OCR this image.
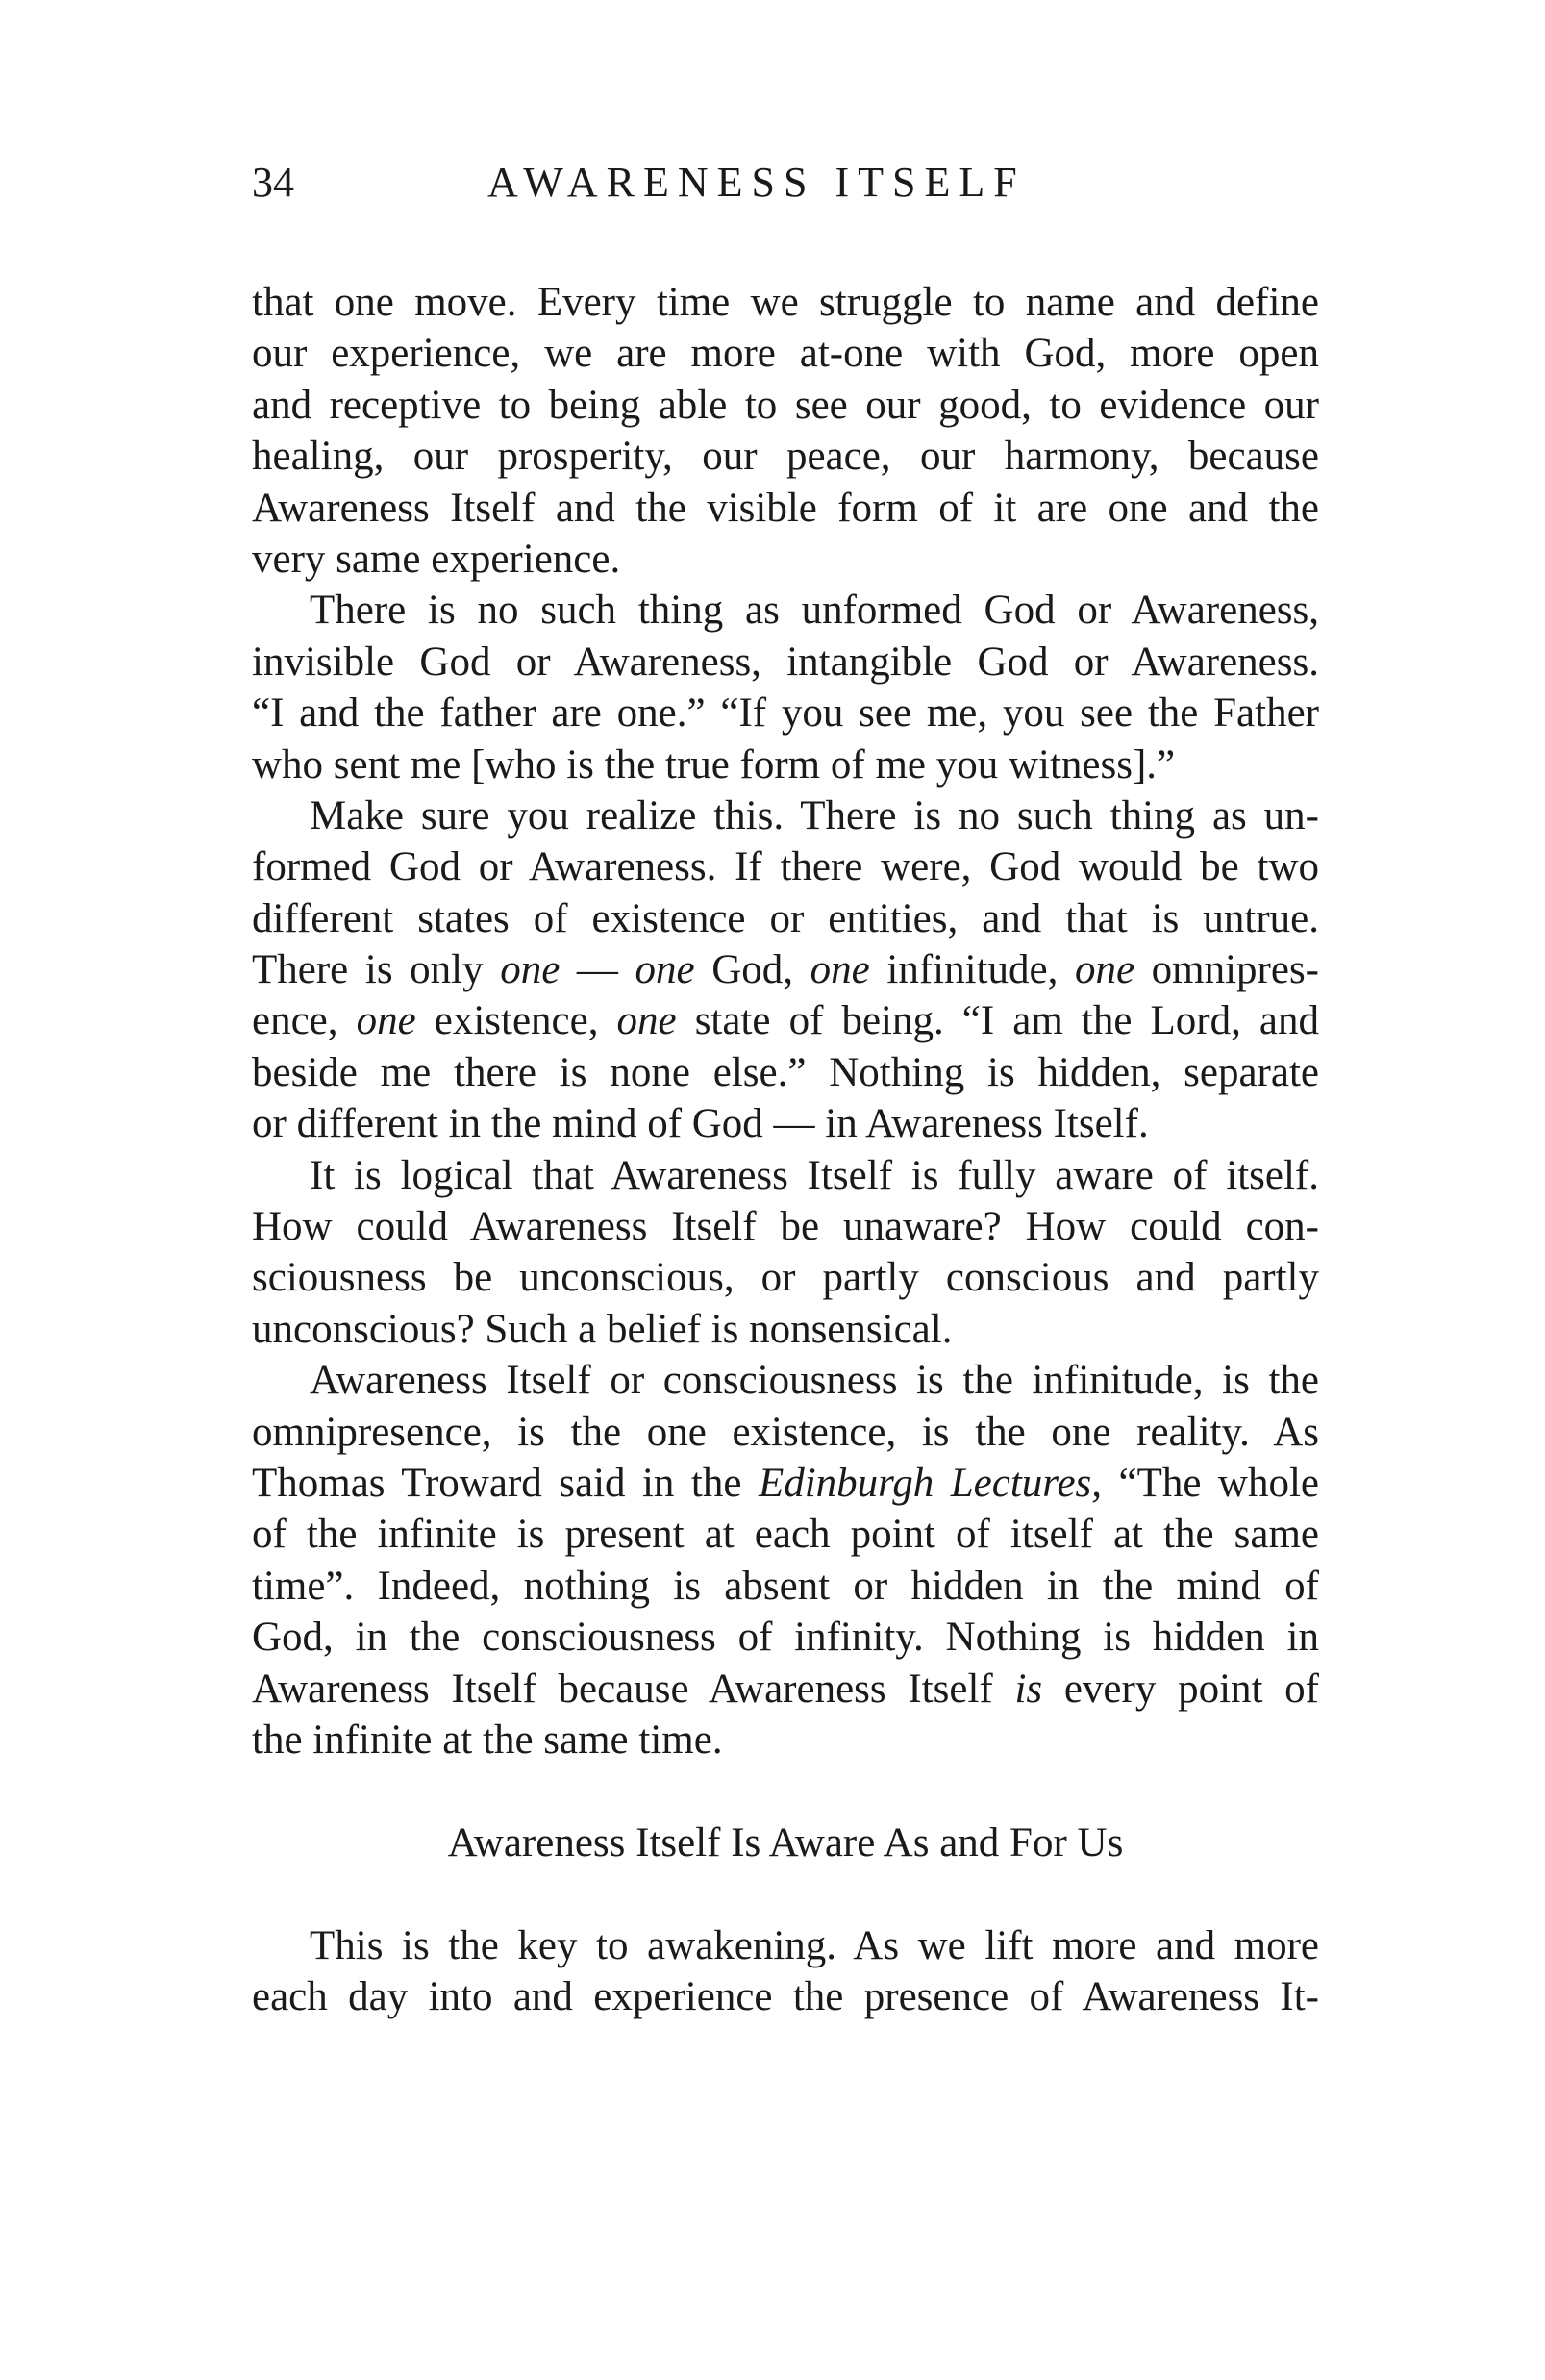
34	AWARENESS ITSELF
that one move. Every time we struggle to name and define
our experience, we are more at-one with God, more open
and receptive to being able to see our good, to evidence our
healing, our prosperity, our peace, our harmony, because
Awareness Itself and the visible form of it are one and the
very same experience.
There is no such thing as unformed God or Awareness,
invisible God or Awareness, intangible God or Awareness.
“I and the father are one.” “If you see me, you see the Father
who sent me [who is the true form of me you witness].”
Make sure you realize this. There is no such thing as un-
formed God or Awareness. If there were, God would be two
different states of existence or entities, and that is untrue.
There is only one — one God, one infinitude, one omnipres-
ence, one existence, one state of being. “I am the Lord, and
beside me there is none else.” Nothing is hidden, separate
or different in the mind of God — in Awareness Itself.
It is logical that Awareness Itself is fully aware of itself.
How could Awareness Itself be unaware? How could con-
sciousness be unconscious, or partly conscious and partly
unconscious? Such a belief is nonsensical.
Awareness Itself or consciousness is the infinitude, is the
omnipresence, is the one existence, is the one reality. As
Thomas Troward said in the Edinburgh Lectures, “The whole
of the infinite is present at each point of itself at the same
time”. Indeed, nothing is absent or hidden in the mind of
God, in the consciousness of infinity. Nothing is hidden in
Awareness Itself because Awareness Itself is every point of
the infinite at the same time.
Awareness Itself Is Aware As and For Us
This is the key to awakening. As we lift more and more
each day into and experience the presence of Awareness It-
